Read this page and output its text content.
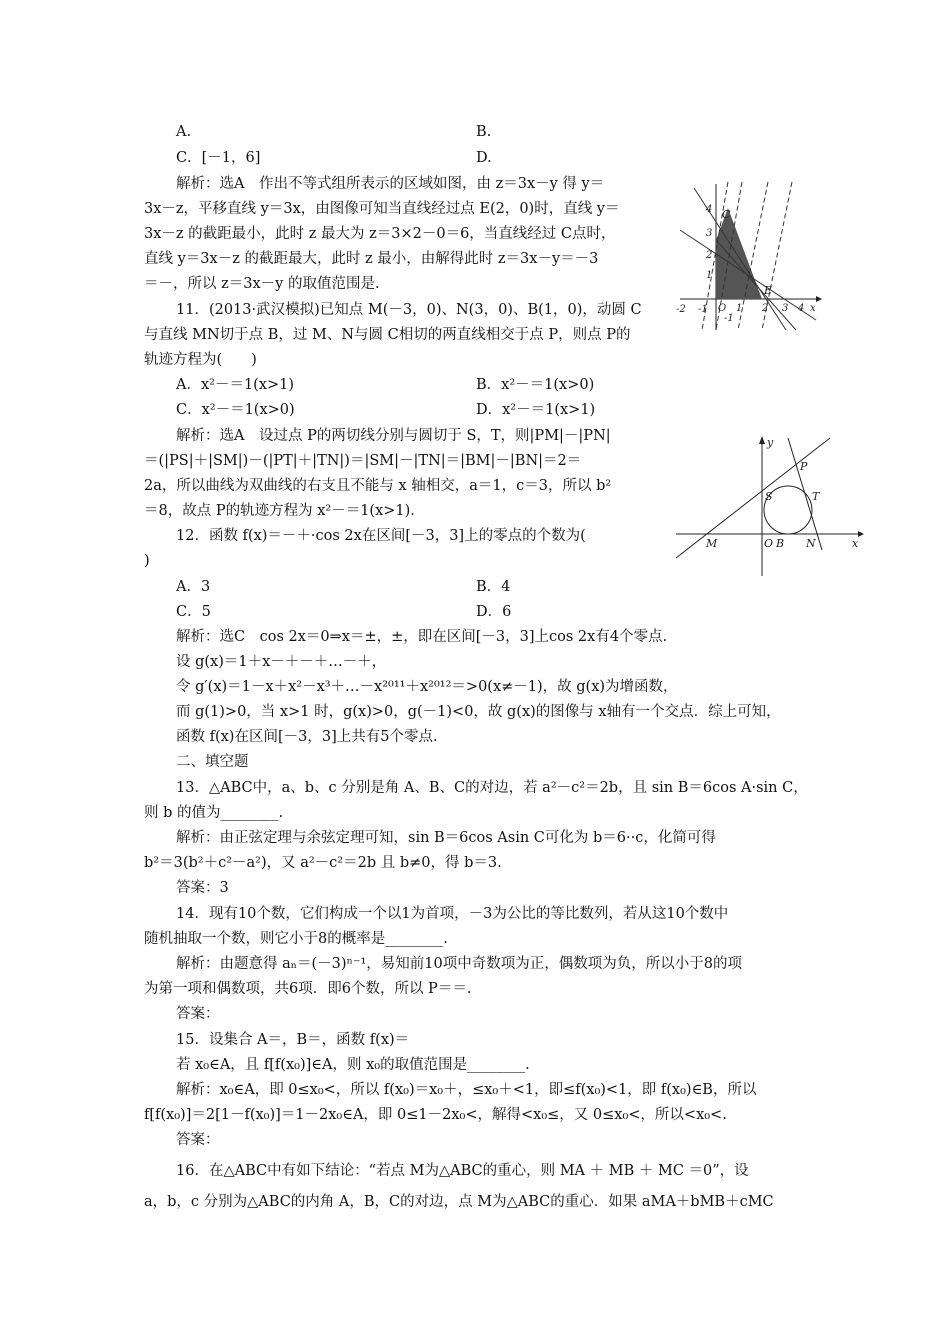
A.	B.
C．[－1，6]	D.
解析：选A　作出不等式组所表示的区域如图，由 z＝3x－y 得 y＝
3x－z，平移直线 y＝3x，由图像可知当直线经过点 E(2，0)时，直线 y＝
3x－z 的截距最小，此时 z 最大为 z＝3×2－0＝6，当直线经过 C点时，
直线 y＝3x－z 的截距最大，此时 z 最小，由解得此时 z＝3x－y＝－3
＝－，所以 z＝3x－y 的取值范围是.
11．(2013·武汉模拟)已知点 M(－3，0)、N(3，0)、B(1，0)，动圆 C
与直线 MN切于点 B，过 M、N与圆 C相切的两直线相交于点 P，则点 P的
轨迹方程为(　　)
A．x²－＝1(x>1)	B．x²－＝1(x>0)
C．x²－＝1(x>0)	D．x²－＝1(x>1)
解析：选A　设过点 P的两切线分别与圆切于 S，T，则|PM|－|PN|
＝(|PS|＋|SM|)－(|PT|＋|TN|)＝|SM|－|TN|＝|BM|－|BN|＝2＝
2a，所以曲线为双曲线的右支且不能与 x 轴相交，a＝1，c＝3，所以 b²
＝8，故点 P的轨迹方程为 x²－＝1(x>1)．
12．函数 f(x)＝－＋·cos 2x在区间[－3，3]上的零点的个数为(
)
A．3	B．4
C．5	D．6
解析：选C　cos 2x＝0⇒x＝±，±，即在区间[－3，3]上cos 2x有4个零点.
设 g(x)＝1＋x－＋－＋…－＋，
令 g′(x)＝1－x＋x²－x³＋…－x²⁰¹¹＋x²⁰¹²＝>0(x≠－1)，故 g(x)为增函数，
而 g(1)>0，当 x>1 时，g(x)>0，g(－1)<0，故 g(x)的图像与 x轴有一个交点．综上可知，
函数 f(x)在区间[－3，3]上共有5个零点.
二、填空题
13．△ABC中，a、b、c 分别是角 A、B、C的对边，若 a²－c²＝2b，且 sin B＝6cos A·sin C，
则 b 的值为________.
解析：由正弦定理与余弦定理可知，sin B＝6cos Asin C可化为 b＝6··c，化简可得
b²＝3(b²＋c²－a²)，又 a²－c²＝2b 且 b≠0，得 b＝3.
答案：3
14．现有10个数，它们构成一个以1为首项，－3为公比的等比数列，若从这10个数中
随机抽取一个数，则它小于8的概率是________.
解析：由题意得 aₙ＝(－3)ⁿ⁻¹，易知前10项中奇数项为正，偶数项为负，所以小于8的项
为第一项和偶数项，共6项．即6个数，所以 P＝＝.
答案：
15．设集合 A＝，B＝，函数 f(x)＝
若 x₀∈A，且 f[f(x₀)]∈A，则 x₀的取值范围是________.
解析：x₀∈A，即 0≤x₀<，所以 f(x₀)＝x₀＋，≤x₀＋<1，即≤f(x₀)<1，即 f(x₀)∈B，所以
f[f(x₀)]＝2[1－f(x₀)]＝1－2x₀∈A，即 0≤1－2x₀<，解得<x₀≤，又 0≤x₀<，所以<x₀<.
答案：
16．在△ABC中有如下结论：“若点 M为△ABC的重心，则 MA ＋ MB ＋ MC ＝0”，设
a，b，c 分别为△ABC的内角 A，B，C的对边，点 M为△ABC的重心．如果 aMA＋bMB＋cMC
-2 -1 O 1 2 3 4 x
4
3
2
1
-1
C
E
y
x
P
S	T
M	O B N
